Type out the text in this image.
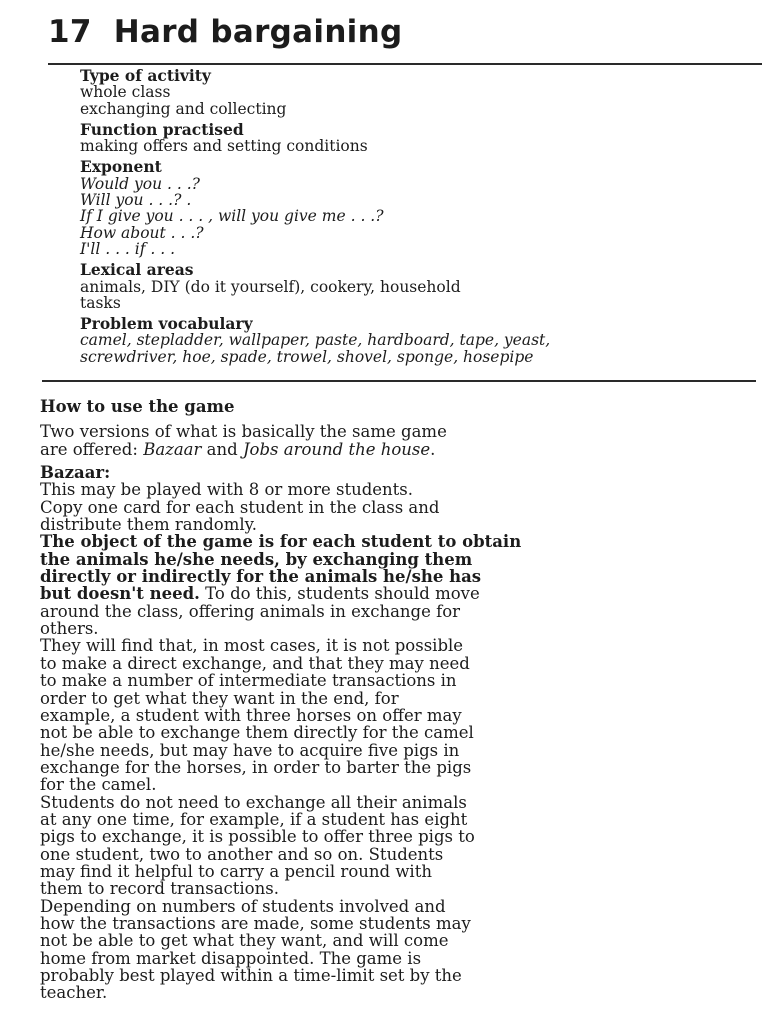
17 Hard bargaining
Type of activity
whole class
exchanging and collecting
Function practised
making offers and setting conditions
Exponent
Would you . . .?
Will you . . .? .
If I give you . . . , will you give me . . .?
How about . . .?
I'll . . . if . . .
Lexical areas
animals, DIY (do it yourself), cookery, household
tasks
Problem vocabulary
camel, stepladder, wallpaper, paste, hardboard, tape, yeast,
screwdriver, hoe, spade, trowel, shovel, sponge, hosepipe
How to use the game
Two versions of what is basically the same game
are offered: Bazaar and Jobs around the house.
Bazaar:
This may be played with 8 or more students.
Copy one card for each student in the class and
distribute them randomly.
The object of the game is for each student to obtain
the animals he/she needs, by exchanging them
directly or indirectly for the animals he/she has
but doesn't need. To do this, students should move
around the class, offering animals in exchange for
others.
They will find that, in most cases, it is not possible
to make a direct exchange, and that they may need
to make a number of intermediate transactions in
order to get what they want in the end, for
example, a student with three horses on offer may
not be able to exchange them directly for the camel
he/she needs, but may have to acquire five pigs in
exchange for the horses, in order to barter the pigs
for the camel.
Students do not need to exchange all their animals
at any one time, for example, if a student has eight
pigs to exchange, it is possible to offer three pigs to
one student, two to another and so on. Students
may find it helpful to carry a pencil round with
them to record transactions.
Depending on numbers of students involved and
how the transactions are made, some students may
not be able to get what they want, and will come
home from market disappointed. The game is
probably best played within a time-limit set by the
teacher.
